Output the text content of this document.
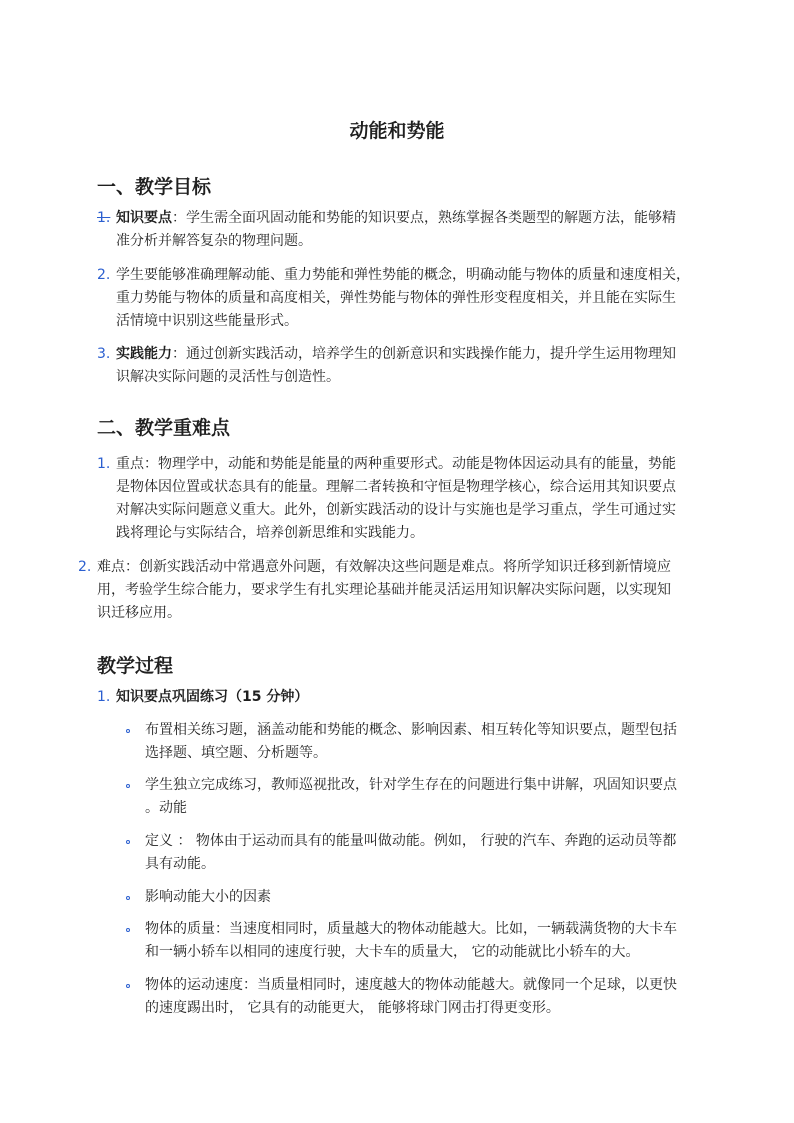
动能和势能
一、教学目标
1. 知识要点：学生需全面巩固动能和势能的知识要点，熟练掌握各类题型的解题方法，能够精
准分析并解答复杂的物理问题。
2. 学生要能够准确理解动能、重力势能和弹性势能的概念，明确动能与物体的质量和速度相关，
重力势能与物体的质量和高度相关，弹性势能与物体的弹性形变程度相关，并且能在实际生
活情境中识别这些能量形式。
3. 实践能力：通过创新实践活动，培养学生的创新意识和实践操作能力，提升学生运用物理知
识解决实际问题的灵活性与创造性。
二、教学重难点
1. 重点：物理学中，动能和势能是能量的两种重要形式。动能是物体因运动具有的能量，势能
是物体因位置或状态具有的能量。理解二者转换和守恒是物理学核心，综合运用其知识要点
对解决实际问题意义重大。此外，创新实践活动的设计与实施也是学习重点，学生可通过实
践将理论与实际结合，培养创新思维和实践能力。
2. 难点：创新实践活动中常遇意外问题，有效解决这些问题是难点。将所学知识迁移到新情境应
用，考验学生综合能力，要求学生有扎实理论基础并能灵活运用知识解决实际问题，以实现知
识迁移应用。
教学过程
1. 知识要点巩固练习（15 分钟）
布置相关练习题，涵盖动能和势能的概念、影响因素、相互转化等知识要点，题型包括
选择题、填空题、分析题等。
学生独立完成练习，教师巡视批改，针对学生存在的问题进行集中讲解，巩固知识要点
。动能
定义 ： 物体由于运动而具有的能量叫做动能。例如， 行驶的汽车、奔跑的运动员等都
具有动能。
影响动能大小的因素
物体的质量：当速度相同时，质量越大的物体动能越大。比如，一辆载满货物的大卡车
和一辆小轿车以相同的速度行驶，大卡车的质量大， 它的动能就比小轿车的大。
物体的运动速度：当质量相同时，速度越大的物体动能越大。就像同一个足球，以更快
的速度踢出时， 它具有的动能更大， 能够将球门网击打得更变形。
